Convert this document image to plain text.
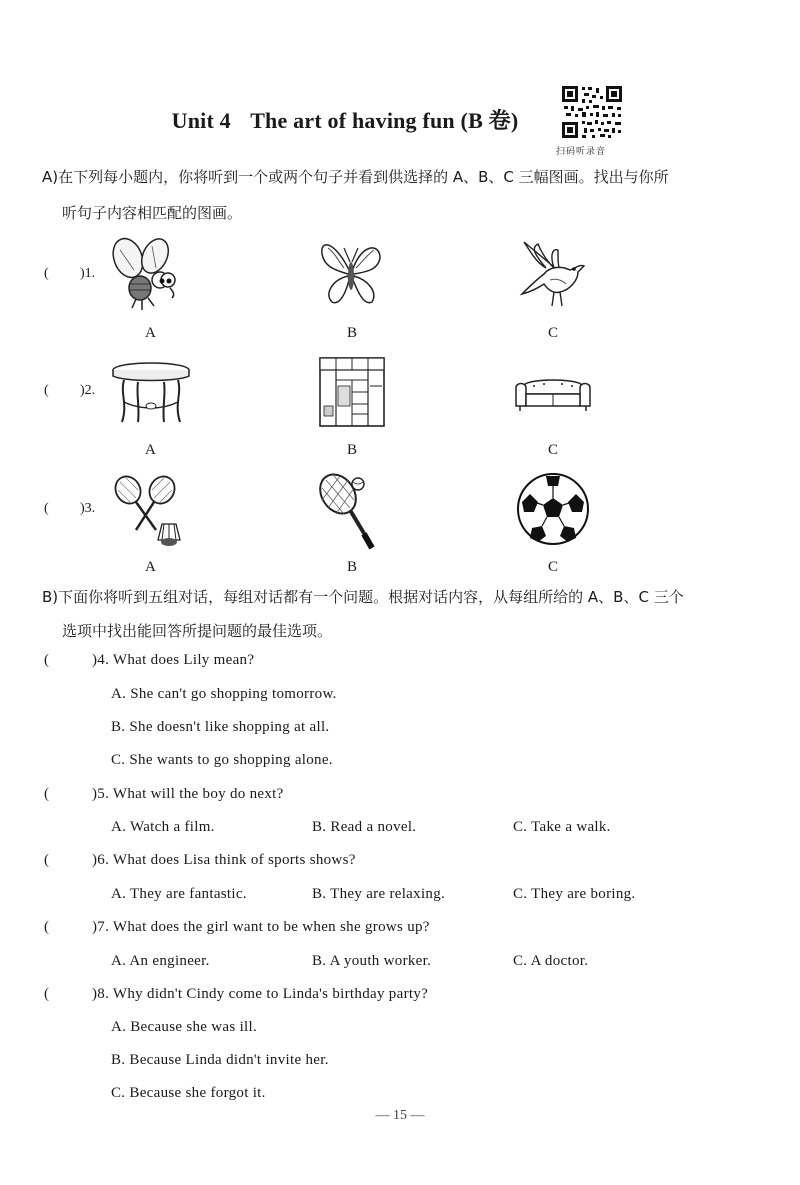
Unit 4 The art of having fun (B 卷)
扫码听录音
A)在下列每小题内，你将听到一个或两个句子并看到供选择的 A、B、C 三幅图画。找出与你所
听句子内容相匹配的图画。
( )1.
A	B	C
( )2.
A	B	C
( )3.
A	B	C
B)下面你将听到五组对话，每组对话都有一个问题。根据对话内容，从每组所给的 A、B、C 三个
选项中找出能回答所提问题的最佳选项。
(	)4. What does Lily mean?
A. She can't go shopping tomorrow.
B. She doesn't like shopping at all.
C. She wants to go shopping alone.
(	)5. What will the boy do next?
A. Watch a film.	B. Read a novel.	C. Take a walk.
(	)6. What does Lisa think of sports shows?
A. They are fantastic.	B. They are relaxing.	C. They are boring.
(	)7. What does the girl want to be when she grows up?
A. An engineer.	B. A youth worker.	C. A doctor.
(	)8. Why didn't Cindy come to Linda's birthday party?
A. Because she was ill.
B. Because Linda didn't invite her.
C. Because she forgot it.
— 15 —
